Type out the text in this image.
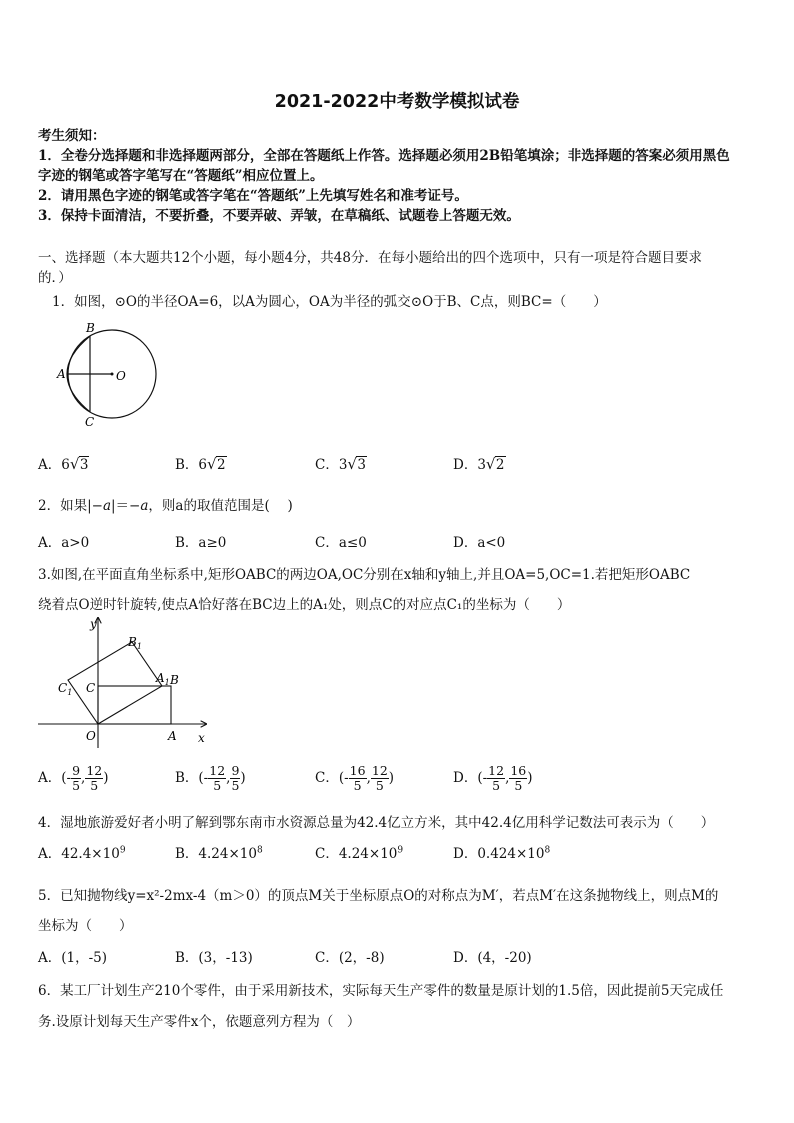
2021-2022中考数学模拟试卷
考生须知：
1．全卷分选择题和非选择题两部分，全部在答题纸上作答。选择题必须用2B铅笔填涂；非选择题的答案必须用黑色
字迹的钢笔或答字笔写在“答题纸”相应位置上。
2．请用黑色字迹的钢笔或答字笔在“答题纸”上先填写姓名和准考证号。
3．保持卡面清洁，不要折叠，不要弄破、弄皱，在草稿纸、试题卷上答题无效。
一、选择题（本大题共12个小题，每小题4分，共48分．在每小题给出的四个选项中，只有一项是符合题目要求
的．）
1．如图，⊙O的半径OA=6，以A为圆心，OA为半径的弧交⊙O于B、C点，则BC=（　　）
B
A	O
C
A．6 √ 3	B．6 √ 2	C．3 √ 3	D．3 √ 2
2．如果|−𝑎|＝−𝑎，则a的取值范围是(　 )
A．a>0	B．a≥0	C．a≤0	D．a<0
3.如图,在平面直角坐标系中,矩形OABC的两边OA,OC分别在x轴和y轴上,并且OA=5,OC=1.若把矩形OABC
绕着点O逆时针旋转,使点A恰好落在BC边上的A₁处，则点C的对应点C₁的坐标为（　　）
y
x
O	A
B
C
$B_1$
$C_1$
$A_1$
A．(- $\frac{9}{5}$ , $\frac{12}{5}$ )	B．(- $\frac{12}{5}$ , $\frac{9}{5}$ )	C．(- $\frac{16}{5}$ , $\frac{12}{5}$ )	D．(- $\frac{12}{5}$ , $\frac{16}{5}$ )
4．湿地旅游爱好者小明了解到鄂东南市水资源总量为42.4亿立方米，其中42.4亿用科学记数法可表示为（　　）
A．$42.4\times 10^9$	B．$4.24\times 10^8$	C．$4.24\times 10^9$	D．$0.424\times 10^8$
5．已知抛物线y=x²-2mx-4（m＞0）的顶点M关于坐标原点O的对称点为M′，若点M′在这条抛物线上，则点M的
坐标为（　　）
A．(1，-5)	B．(3，-13)	C．(2，-8)	D．(4，-20)
6．某工厂计划生产210个零件，由于采用新技术，实际每天生产零件的数量是原计划的1.5倍，因此提前5天完成任
务.设原计划每天生产零件x个，依题意列方程为（　）
